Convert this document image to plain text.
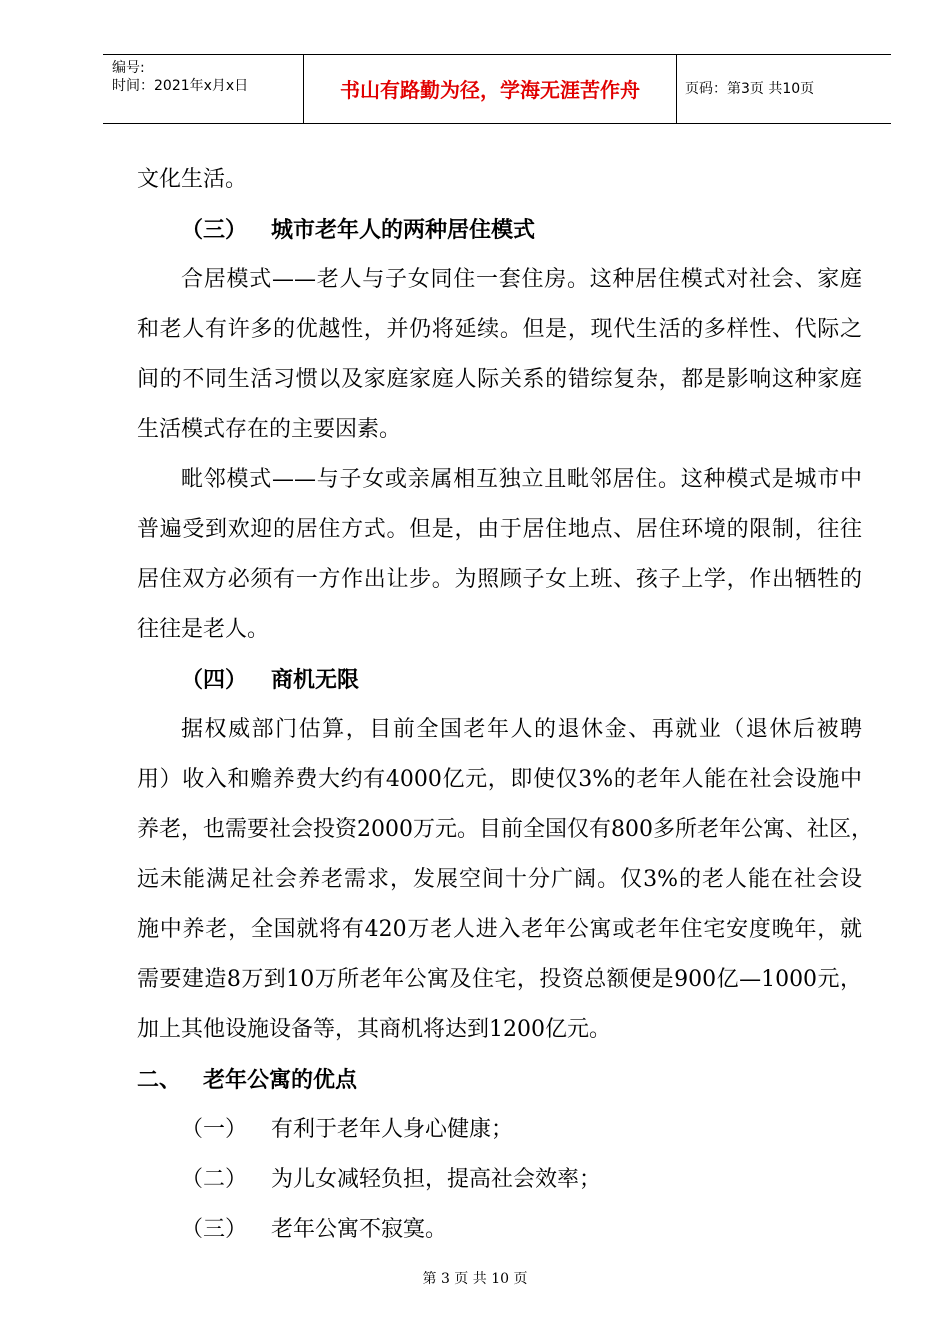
编号:
时间：2021年x月x日	书山有路勤为径，学海无涯苦作舟	页码：第3页 共10页
文化生活。
（三） 城市老年人的两种居住模式
合居模式——老人与子女同住一套住房。这种居住模式对社会、家庭
和老人有许多的优越性，并仍将延续。但是，现代生活的多样性、代际之
间的不同生活习惯以及家庭家庭人际关系的错综复杂，都是影响这种家庭
生活模式存在的主要因素。
毗邻模式——与子女或亲属相互独立且毗邻居住。这种模式是城市中
普遍受到欢迎的居住方式。但是，由于居住地点、居住环境的限制，往往
居住双方必须有一方作出让步。为照顾子女上班、孩子上学，作出牺牲的
往往是老人。
（四） 商机无限
据权威部门估算，目前全国老年人的退休金、再就业（退休后被聘
用）收入和赡养费大约有4000亿元，即使仅3%的老年人能在社会设施中
养老，也需要社会投资2000万元。目前全国仅有800多所老年公寓、社区，
远未能满足社会养老需求，发展空间十分广阔。仅3%的老人能在社会设
施中养老，全国就将有420万老人进入老年公寓或老年住宅安度晚年，就
需要建造8万到10万所老年公寓及住宅，投资总额便是900亿—1000元，
加上其他设施设备等，其商机将达到1200亿元。
二、 老年公寓的优点
（一） 有利于老年人身心健康；
（二） 为儿女减轻负担，提高社会效率；
（三） 老年公寓不寂寞。
第 3 页 共 10 页
